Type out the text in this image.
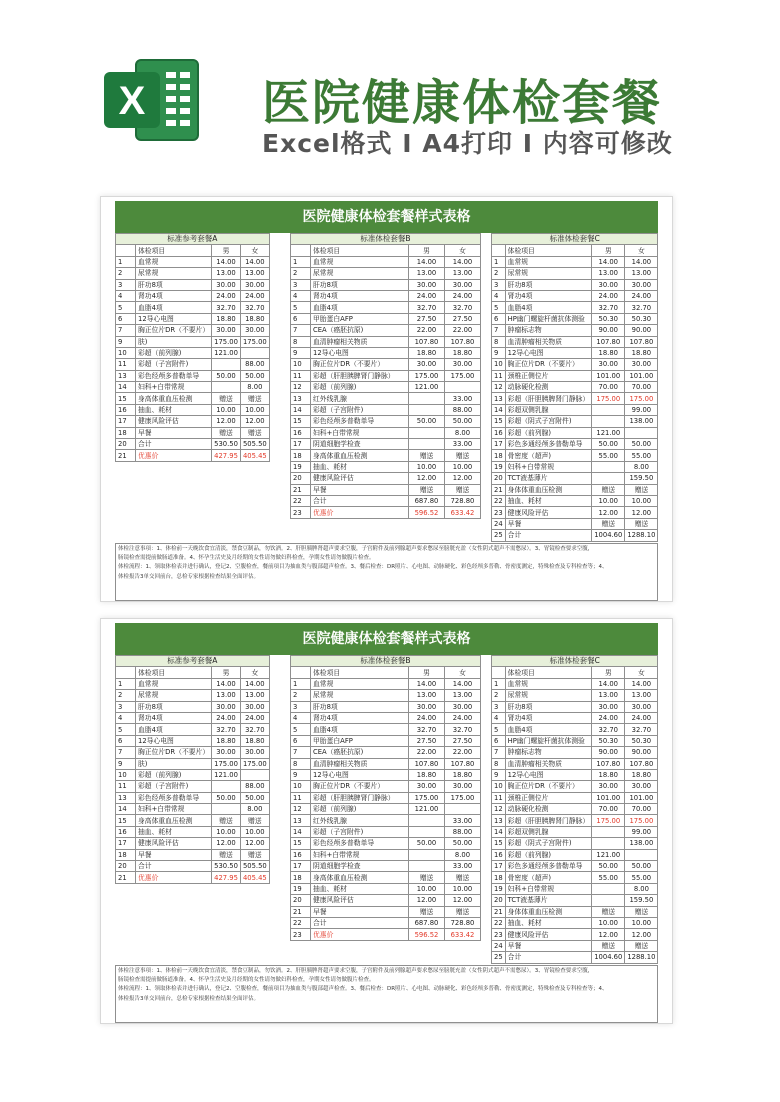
X 医院健康体检套餐
Excel格式 I A4打印 I 内容可修改
医院健康体检套餐样式表格
标准参考套餐A			
	体检项目	男	女
1	血常规	14.00	14.00
2	尿常规	13.00	13.00
3	肝功8项	30.00	30.00
4	肾功4项	24.00	24.00
5	血脂4项	32.70	32.70
6	12导心电图	18.80	18.80
7	胸正位片DR（不要片）	30.00	30.00
9	肤)	175.00	175.00
10	彩超（前列腺)	121.00	
11	彩超（子宫附件)		88.00
13	彩色经颅多普勒单导	50.00	50.00
14	妇科+白带常规		8.00
15	身高体重血压检测	赠送	赠送
16	抽血、耗材	10.00	10.00
17	健康风险评估	12.00	12.00
18	早餐	赠送	赠送
20	合计	530.50	505.50
21	优惠价	427.95	405.45
标准体检套餐B			
	体检项目	男	女
1	血常规	14.00	14.00
2	尿常规	13.00	13.00
3	肝功8项	30.00	30.00
4	肾功4项	24.00	24.00
5	血脂4项	32.70	32.70
6	甲胎蛋白AFP	27.50	27.50
7	CEA（癌胚抗原)	22.00	22.00
8	血清肿瘤相关物质	107.80	107.80
9	12导心电图	18.80	18.80
10	胸正位片DR（不要片）	30.00	30.00
11	彩超（肝胆胰脾肾门静脉）	175.00	175.00
12	彩超（前列腺)	121.00	
13	红外线乳腺		33.00
14	彩超（子宫附件)		88.00
15	彩色经颅多普勒单导	50.00	50.00
16	妇科+白带常规		8.00
17	阴道细胞学检查		33.00
18	身高体重血压检测	赠送	赠送
19	抽血、耗材	10.00	10.00
20	健康风险评估	12.00	12.00
21	早餐	赠送	赠送
22	合计	687.80	728.80
23	优惠价	596.52	633.42
标准体检套餐C			
	体检项目	男	女
1	血常规	14.00	14.00
2	尿常规	13.00	13.00
3	肝功8项	30.00	30.00
4	肾功4项	24.00	24.00
5	血脂4项	32.70	32.70
6	HP幽门螺旋杆菌抗体测验	50.30	50.30
7	肿瘤标志物	90.00	90.00
8	血清肿瘤相关物质	107.80	107.80
9	12导心电图	18.80	18.80
10	胸正位片DR（不要片）	30.00	30.00
11	颈椎正侧位片	101.00	101.00
12	动脉硬化检测	70.00	70.00
13	彩超（肝胆胰脾肾门静脉）	175.00	175.00
14	彩超双侧乳腺		99.00
15	彩超（阴式子宫附件)		138.00
16	彩超（前列腺)	121.00	
17	彩色多通经颅多普勒单导	50.00	50.00
18	骨密度（超声)	55.00	55.00
19	妇科+白带常规		8.00
20	TCT液基薄片		159.50
21	身体体重血压检测	赠送	赠送
22	抽血、耗材	10.00	10.00
23	健康风险评估	12.00	12.00
24	早餐	赠送	赠送
25	合计	1004.60	1288.10
体检注意事项：1、体检前一天晚饮食宜清淡，禁食豆制品，勿饮酒。2、肝胆胰脾肾超声要求空腹，子宫附件及前列腺超声要求憋尿至膀胱充盈（女性阴式超声不需憋尿）。3、胃镜检查要求空腹，
肠镜检查需提前做肠道准备。4、怀孕生活史及月经期的女性请勿做妇科检查，孕期女性请勿做腹片检查。
体检流程：1、领取体检表并进行确认，登记2、空腹检查，餐前项目为抽血类与腹部超声检查。3、餐后检查：DR照片、心电图、动脉硬化、彩色经颅多普勒、骨密度测定，特殊检查及专科检查等；4、
体检报告3单交回前台，总检专家根据检查结果全面评估。
医院健康体检套餐样式表格
标准参考套餐A			
	体检项目	男	女
1	血常规	14.00	14.00
2	尿常规	13.00	13.00
3	肝功8项	30.00	30.00
4	肾功4项	24.00	24.00
5	血脂4项	32.70	32.70
6	12导心电图	18.80	18.80
7	胸正位片DR（不要片）	30.00	30.00
9	肤)	175.00	175.00
10	彩超（前列腺)	121.00	
11	彩超（子宫附件)		88.00
13	彩色经颅多普勒单导	50.00	50.00
14	妇科+白带常规		8.00
15	身高体重血压检测	赠送	赠送
16	抽血、耗材	10.00	10.00
17	健康风险评估	12.00	12.00
18	早餐	赠送	赠送
20	合计	530.50	505.50
21	优惠价	427.95	405.45
标准体检套餐B			
	体检项目	男	女
1	血常规	14.00	14.00
2	尿常规	13.00	13.00
3	肝功8项	30.00	30.00
4	肾功4项	24.00	24.00
5	血脂4项	32.70	32.70
6	甲胎蛋白AFP	27.50	27.50
7	CEA（癌胚抗原)	22.00	22.00
8	血清肿瘤相关物质	107.80	107.80
9	12导心电图	18.80	18.80
10	胸正位片DR（不要片）	30.00	30.00
11	彩超（肝胆胰脾肾门静脉）	175.00	175.00
12	彩超（前列腺)	121.00	
13	红外线乳腺		33.00
14	彩超（子宫附件)		88.00
15	彩色经颅多普勒单导	50.00	50.00
16	妇科+白带常规		8.00
17	阴道细胞学检查		33.00
18	身高体重血压检测	赠送	赠送
19	抽血、耗材	10.00	10.00
20	健康风险评估	12.00	12.00
21	早餐	赠送	赠送
22	合计	687.80	728.80
23	优惠价	596.52	633.42
标准体检套餐C			
	体检项目	男	女
1	血常规	14.00	14.00
2	尿常规	13.00	13.00
3	肝功8项	30.00	30.00
4	肾功4项	24.00	24.00
5	血脂4项	32.70	32.70
6	HP幽门螺旋杆菌抗体测验	50.30	50.30
7	肿瘤标志物	90.00	90.00
8	血清肿瘤相关物质	107.80	107.80
9	12导心电图	18.80	18.80
10	胸正位片DR（不要片）	30.00	30.00
11	颈椎正侧位片	101.00	101.00
12	动脉硬化检测	70.00	70.00
13	彩超（肝胆胰脾肾门静脉）	175.00	175.00
14	彩超双侧乳腺		99.00
15	彩超（阴式子宫附件)		138.00
16	彩超（前列腺)	121.00	
17	彩色多通经颅多普勒单导	50.00	50.00
18	骨密度（超声)	55.00	55.00
19	妇科+白带常规		8.00
20	TCT液基薄片		159.50
21	身体体重血压检测	赠送	赠送
22	抽血、耗材	10.00	10.00
23	健康风险评估	12.00	12.00
24	早餐	赠送	赠送
25	合计	1004.60	1288.10
体检注意事项：1、体检前一天晚饮食宜清淡，禁食豆制品，勿饮酒。2、肝胆胰脾肾超声要求空腹，子宫附件及前列腺超声要求憋尿至膀胱充盈（女性阴式超声不需憋尿）。3、胃镜检查要求空腹，
肠镜检查需提前做肠道准备。4、怀孕生活史及月经期的女性请勿做妇科检查，孕期女性请勿做腹片检查。
体检流程：1、领取体检表并进行确认，登记2、空腹检查，餐前项目为抽血类与腹部超声检查。3、餐后检查：DR照片、心电图、动脉硬化、彩色经颅多普勒、骨密度测定，特殊检查及专科检查等；4、
体检报告3单交回前台，总检专家根据检查结果全面评估。
